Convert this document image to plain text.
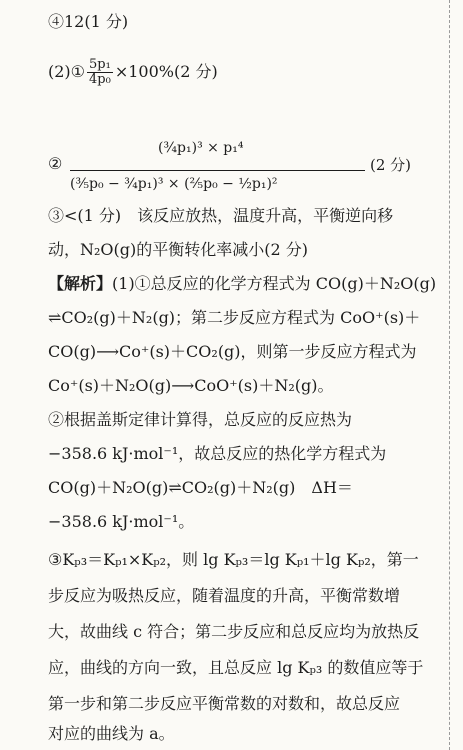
④12(1 分)
(2)① $\frac{\text{5p₁}}{\text{4p₀}} \times 100\%(2$ 分)
②
(¾p₁)³ × p₁⁴
(⅗p₀ − ¾p₁)³ × (⅖p₀ − ½p₁)²
(2 分)
③<(1 分)　该反应放热，温度升高，平衡逆向移
动，N₂O(g)的平衡转化率减小(2 分)
【解析】(1)①总反应的化学方程式为 CO(g)＋N₂O(g)
⇌CO₂(g)＋N₂(g)；第二步反应方程式为 CoO⁺(s)＋
CO(g)⟶Co⁺(s)＋CO₂(g)，则第一步反应方程式为
Co⁺(s)＋N₂O(g)⟶CoO⁺(s)＋N₂(g)。
②根据盖斯定律计算得，总反应的反应热为
−358.6 kJ·mol⁻¹，故总反应的热化学方程式为
CO(g)＋N₂O(g)⇌CO₂(g)＋N₂(g)　ΔH＝
−358.6 kJ·mol⁻¹。
③Kₚ₃＝Kₚ₁×Kₚ₂，则 lg Kₚ₃＝lg Kₚ₁＋lg Kₚ₂，第一
步反应为吸热反应，随着温度的升高，平衡常数增
大，故曲线 c 符合；第二步反应和总反应均为放热反
应，曲线的方向一致，且总反应 lg Kₚ₃ 的数值应等于
第一步和第二步反应平衡常数的对数和，故总反应
对应的曲线为 a。
